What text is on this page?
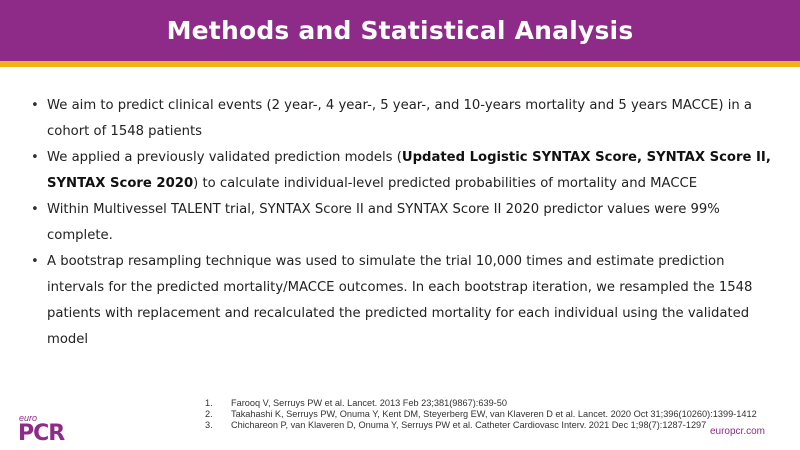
Methods and Statistical Analysis
• We aim to predict clinical events (2 year-, 4 year-, 5 year-, and 10-years mortality and 5 years MACCE) in a cohort of 1548 patients
• We applied a previously validated prediction models (Updated Logistic SYNTAX Score, SYNTAX Score II, SYNTAX Score 2020) to calculate individual-level predicted probabilities of mortality and MACCE
• Within Multivessel TALENT trial, SYNTAX Score II and SYNTAX Score II 2020 predictor values were 99% complete.
• A bootstrap resampling technique was used to simulate the trial 10,000 times and estimate prediction intervals for the predicted mortality/MACCE outcomes. In each bootstrap iteration, we resampled the 1548 patients with replacement and recalculated the predicted mortality for each individual using the validated model
1.	Farooq V, Serruys PW et al. Lancet. 2013 Feb 23;381(9867):639-50
2.	Takahashi K, Serruys PW, Onuma Y, Kent DM, Steyerberg EW, van Klaveren D et al. Lancet. 2020 Oct 31;396(10260):1399-1412
3.	Chichareon P, van Klaveren D, Onuma Y, Serruys PW et al. Catheter Cardiovasc Interv. 2021 Dec 1;98(7):1287-1297
euro
PCR	europcr.com
